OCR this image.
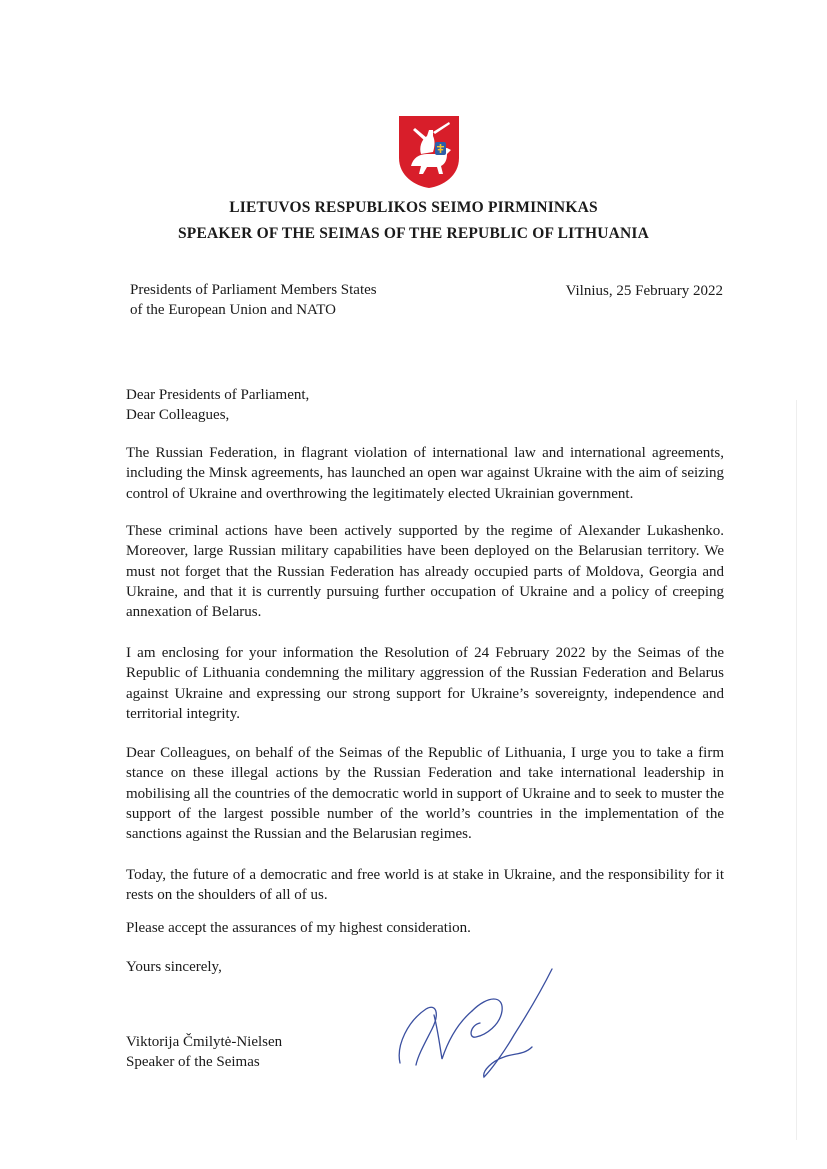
LIETUVOS RESPUBLIKOS SEIMO PIRMININKAS
SPEAKER OF THE SEIMAS OF THE REPUBLIC OF LITHUANIA
Presidents of Parliament Members States
of the European Union and NATO
Vilnius, 25 February 2022
Dear Presidents of Parliament,
Dear Colleagues,
The Russian Federation, in flagrant violation of international law and international agreements, including the Minsk agreements, has launched an open war against Ukraine with the aim of seizing control of Ukraine and overthrowing the legitimately elected Ukrainian government.
These criminal actions have been actively supported by the regime of Alexander Lukashenko. Moreover, large Russian military capabilities have been deployed on the Belarusian territory. We must not forget that the Russian Federation has already occupied parts of Moldova, Georgia and Ukraine, and that it is currently pursuing further occupation of Ukraine and a policy of creeping annexation of Belarus.
I am enclosing for your information the Resolution of 24 February 2022 by the Seimas of the Republic of Lithuania condemning the military aggression of the Russian Federation and Belarus against Ukraine and expressing our strong support for Ukraine’s sovereignty, independence and territorial integrity.
Dear Colleagues, on behalf of the Seimas of the Republic of Lithuania, I urge you to take a firm stance on these illegal actions by the Russian Federation and take international leadership in mobilising all the countries of the democratic world in support of Ukraine and to seek to muster the support of the largest possible number of the world’s countries in the implementation of the sanctions against the Russian and the Belarusian regimes.
Today, the future of a democratic and free world is at stake in Ukraine, and the responsibility for it rests on the shoulders of all of us.
Please accept the assurances of my highest consideration.
Yours sincerely,
Viktorija Čmilytė-Nielsen
Speaker of the Seimas
